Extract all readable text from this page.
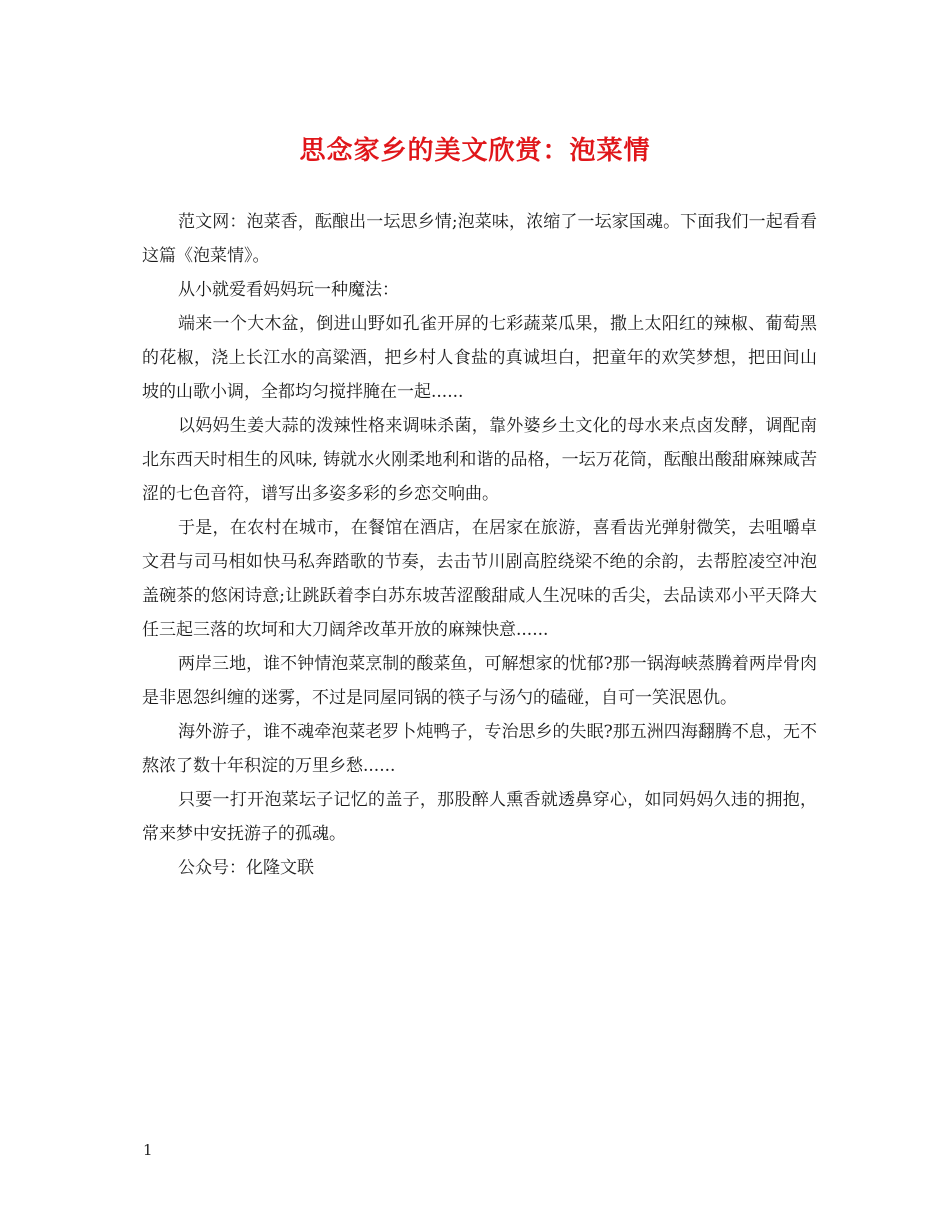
思念家乡的美文欣赏：泡菜情

范文网：泡菜香，酝酿出一坛思乡情;泡菜味，浓缩了一坛家国魂。下面我们一起看看这篇《泡菜情》。

从小就爱看妈妈玩一种魔法：

端来一个大木盆，倒进山野如孔雀开屏的七彩蔬菜瓜果，撒上太阳红的辣椒、葡萄黑的花椒，浇上长江水的高粱酒，把乡村人食盐的真诚坦白，把童年的欢笑梦想，把田间山坡的山歌小调，全都均匀搅拌腌在一起......

以妈妈生姜大蒜的泼辣性格来调味杀菌，靠外婆乡土文化的母水来点卤发酵，调配南北东西天时相生的风味, 铸就水火刚柔地利和谐的品格，一坛万花筒，酝酿出酸甜麻辣咸苦涩的七色音符，谱写出多姿多彩的乡恋交响曲。

于是，在农村在城市，在餐馆在酒店，在居家在旅游，喜看齿光弹射微笑，去咀嚼卓文君与司马相如快马私奔踏歌的节奏，去击节川剧高腔绕梁不绝的余韵，去帮腔凌空冲泡盖碗茶的悠闲诗意;让跳跃着李白苏东坡苦涩酸甜咸人生况味的舌尖，去品读邓小平天降大任三起三落的坎坷和大刀阔斧改革开放的麻辣快意......

两岸三地，谁不钟情泡菜烹制的酸菜鱼，可解想家的忧郁?那一锅海峡蒸腾着两岸骨肉是非恩怨纠缠的迷雾，不过是同屋同锅的筷子与汤勺的磕碰，自可一笑泯恩仇。

海外游子，谁不魂牵泡菜老罗卜炖鸭子，专治思乡的失眠?那五洲四海翻腾不息，无不熬浓了数十年积淀的万里乡愁......

只要一打开泡菜坛子记忆的盖子，那股醉人熏香就透鼻穿心，如同妈妈久违的拥抱，常来梦中安抚游子的孤魂。

公众号：化隆文联

1
